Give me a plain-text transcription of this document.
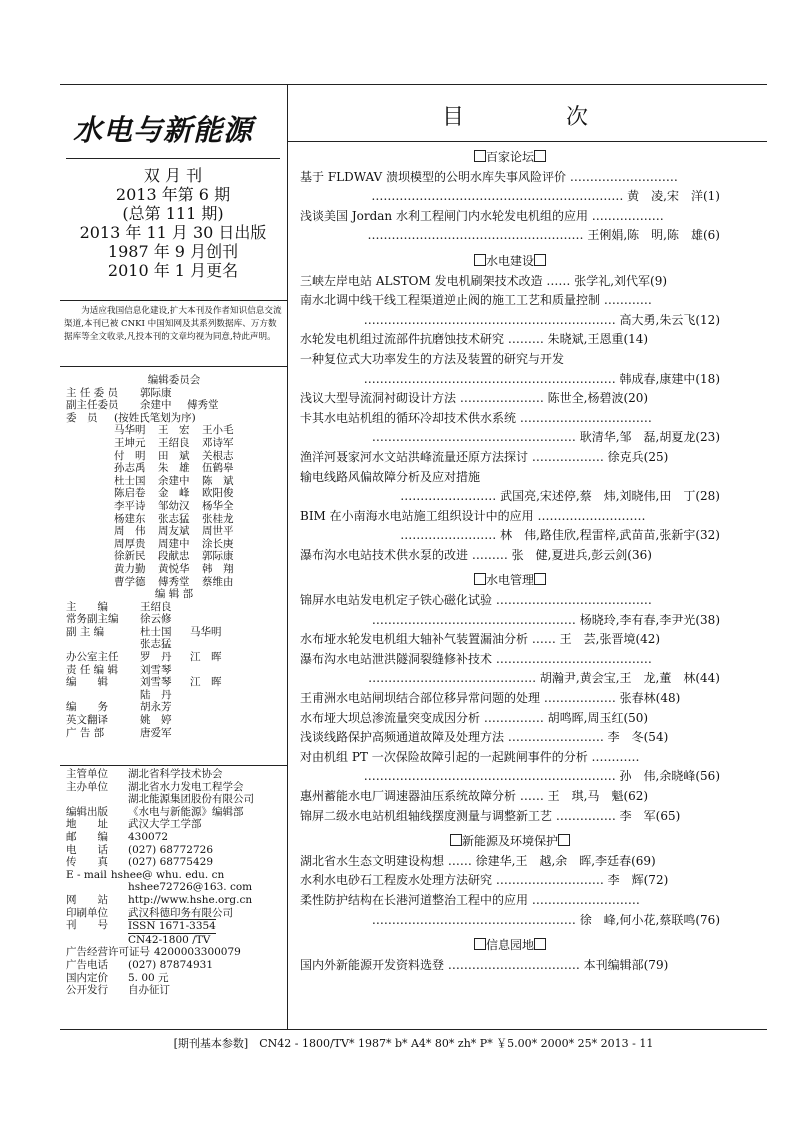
水电与新能源
双 月 刊
2013 年第 6 期
(总第 111 期)
2013 年 11 月 30 日出版
1987 年 9 月创刊
2010 年 1 月更名
为适应我国信息化建设,扩大本刊及作者知识信息交流渠道,本刊已被 CNKI 中国知网及其系列数据库、万方数据库等全文收录,凡投本刊的文章均视为同意,特此声明。
编辑委员会
主 任 委 员	郭际康
副主任委员	余建中	傅秀堂
委　员	(按姓氏笔划为序)
马华明	王　宏	王小毛
王坤元	王绍良	邓诗军
付　明	田　斌	关根志
孙志禹	朱　雄	伍鹤皋
杜士国	余建中	陈　斌
陈启卷	金　峰	欧阳俊
李平诗	邹幼汉	杨华全
杨建东	张志猛	张桂龙
周　伟	周友斌	周世平
周厚贵	周建中	涂长庚
徐新民	段献忠	郭际康
黄力勤	黄悦华	韩　翔
曹学德	傅秀堂	蔡维由
编 辑 部
主　　编	王绍良
常务副主编	徐云修
副 主 编	杜士国	马华明
张志猛
办公室主任	罗　丹	江　晖
责 任 编 辑	刘雪琴
编　　辑	刘雪琴	江　晖
陆　丹
编　　务	胡永芳
英文翻译	姚　婷
广 告 部	唐爱军
主管单位	湖北省科学技术协会
主办单位	湖北省水力发电工程学会
湖北能源集团股份有限公司
编辑出版	《水电与新能源》编辑部
地　　址	武汉大学工学部
邮　　编	430072
电　　话	(027) 68772726
传　　真	(027) 68775429
E - mail hshee@ whu. edu. cn
hshee72726@163. com
网　　站	http://www.hshe.org.cn
印刷单位	武汉科德印务有限公司
刊　　号	ISSN 1671-3354
CN42-1800 /TV
广告经营许可证号 4200003300079
广告电话	(027) 87874931
国内定价	5. 00 元
公开发行	自办征订
目　次
百家论坛
基于 FLDWAV 溃坝模型的公明水库失事风险评价 ………………………
……………………………………………………… 黄　凌,宋　洋(1)
浅谈美国 Jordan 水利工程闸门内水轮发电机组的应用 ………………
……………………………………………… 王俐娟,陈　明,陈　雄(6)
水电建设
三峡左岸电站 ALSTOM 发电机刷架技术改造 …… 张学礼,刘代军(9)
南水北调中线干线工程渠道逆止阀的施工工艺和质量控制 …………
……………………………………………………… 高大勇,朱云飞(12)
水轮发电机组过流部件抗磨蚀技术研究 ……… 朱晓斌,王恩重(14)
一种复位式大功率发生的方法及装置的研究与开发
……………………………………………………… 韩成春,康建中(18)
浅议大型导流洞衬砌设计方法 ………………… 陈世全,杨碧波(20)
卡其水电站机组的循环冷却技术供水系统 ……………………………
…………………………………………… 耿清华,邹　磊,胡夏龙(23)
渔洋河聂家河水文站洪峰流量还原方法探讨 ……………… 徐克兵(25)
输电线路风偏故障分析及应对措施
…………………… 武国亮,宋述停,蔡　炜,刘晓伟,田　丁(28)
BIM 在小南海水电站施工组织设计中的应用 ………………………
…………………… 林　伟,路佳欣,程雷梓,武苗苗,张新宇(32)
瀑布沟水电站技术供水泵的改进 ……… 张　健,夏进兵,彭云剑(36)
水电管理
锦屏水电站发电机定子铁心磁化试验 …………………………………
…………………………………………… 杨晓玲,李有春,李尹光(38)
水布垭水轮发电机组大轴补气装置漏油分析 …… 王　芸,张晋境(42)
瀑布沟水电站泄洪隧洞裂缝修补技术 …………………………………
…………………………………… 胡瀚尹,黄会宝,王　龙,董　林(44)
王甫洲水电站闸坝结合部位移异常问题的处理 ……………… 张春林(48)
水布垭大坝总渗流量突变成因分析 …………… 胡鸣晖,周玉红(50)
浅谈线路保护高频通道故障及处理方法 …………………… 李　冬(54)
对由机组 PT 一次保险故障引起的一起跳闸事件的分析 …………
……………………………………………………… 孙　伟,余晓峰(56)
惠州蓄能水电厂调速器油压系统故障分析 …… 王　琪,马　魁(62)
锦屏二级水电站机组轴线摆度测量与调整新工艺 …………… 李　军(65)
新能源及环境保护
湖北省水生态文明建设构想 …… 徐建华,王　越,余　晖,李廷春(69)
水利水电砂石工程废水处理方法研究 ……………………… 李　辉(72)
柔性防护结构在长港河道整治工程中的应用 ………………………
…………………………………………… 徐　峰,何小花,蔡联鸣(76)
信息园地
国内外新能源开发资料选登 …………………………… 本刊编辑部(79)
[期刊基本参数]　CN42 - 1800/TV* 1987* b* A4* 80* zh* P* ￥5.00* 2000* 25* 2013 - 11
